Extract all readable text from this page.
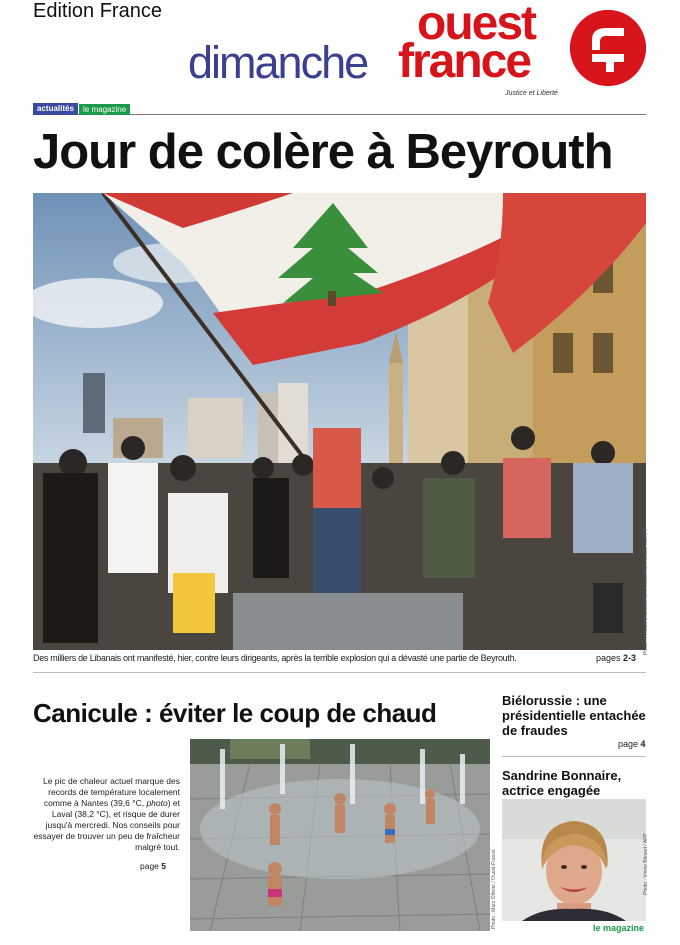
Edition France
dimanche
ouest
france
Justice et Liberté
actualités	le magazine
Jour de colère à Beyrouth
Photo : Arnaud Duclaud/Hans Lucas/Hans Lucas via AFP

Des milliers de Libanais ont manifesté, hier, contre leurs dirigeants, après la terrible explosion qui a dévasté une partie de Beyrouth.	pages 2-3
Canicule : éviter le coup de chaud

Le pic de chaleur actuel marque des records de température localement comme à Nantes (39,6 °C, photo) et Laval (38,2 °C), et risque de durer jusqu'à mercredi. Nos conseils pour essayer de trouver un peu de fraîcheur malgré tout.

page 5	Photo : Marc Ollivier / Ouest-France
Biélorussie : une présidentielle entachée de fraudes
page 4
Sandrine Bonnaire, actrice engagée
Photo : Vinnie Blesart / AFP
le magazine
